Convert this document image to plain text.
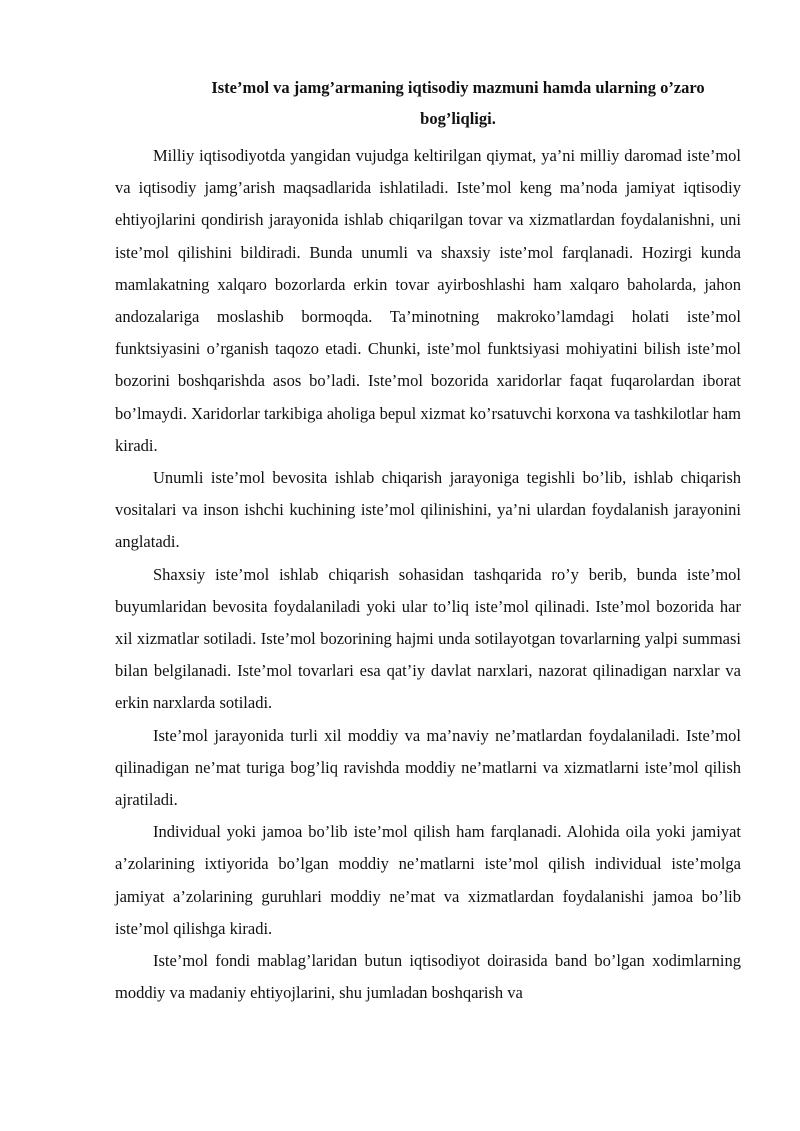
Iste’mol va jamg’armaning iqtisodiy mazmuni hamda ularning o’zaro bog’liqligi.

Milliy iqtisodiyotda yangidan vujudga keltirilgan qiymat, ya’ni milliy daromad iste’mol va iqtisodiy jamg’arish maqsadlarida ishlatiladi. Iste’mol keng ma’noda jamiyat iqtisodiy ehtiyojlarini qondirish jarayonida ishlab chiqarilgan tovar va xizmatlardan foydalanishni, uni iste’mol qilishini bildiradi. Bunda unumli va shaxsiy iste’mol farqlanadi. Hozirgi kunda mamlakatning xalqaro bozorlarda erkin tovar ayirboshlashi ham xalqaro baholarda, jahon andozalariga moslashib bormoqda. Ta’minotning makroko’lamdagi holati iste’mol funktsiyasini o’rganish taqozo etadi. Chunki, iste’mol funktsiyasi mohiyatini bilish iste’mol bozorini boshqarishda asos bo’ladi. Iste’mol bozorida xaridorlar faqat fuqarolardan iborat bo’lmaydi. Xaridorlar tarkibiga aholiga bepul xizmat ko’rsatuvchi korxona va tashkilotlar ham kiradi.

Unumli iste’mol bevosita ishlab chiqarish jarayoniga tegishli bo’lib, ishlab chiqarish vositalari va inson ishchi kuchining iste’mol qilinishini, ya’ni ulardan foydalanish jarayonini anglatadi.

Shaxsiy iste’mol ishlab chiqarish sohasidan tashqarida ro’y berib, bunda iste’mol buyumlaridan bevosita foydalaniladi yoki ular to’liq iste’mol qilinadi. Iste’mol bozorida har xil xizmatlar sotiladi. Iste’mol bozorining hajmi unda sotilayotgan tovarlarning yalpi summasi bilan belgilanadi. Iste’mol tovarlari esa qat’iy davlat narxlari, nazorat qilinadigan narxlar va erkin narxlarda sotiladi.

Iste’mol jarayonida turli xil moddiy va ma’naviy ne’matlardan foydalaniladi. Iste’mol qilinadigan ne’mat turiga bog’liq ravishda moddiy ne’matlarni va xizmatlarni iste’mol qilish ajratiladi.

Individual yoki jamoa bo’lib iste’mol qilish ham farqlanadi. Alohida oila yoki jamiyat a’zolarining ixtiyorida bo’lgan moddiy ne’matlarni iste’mol qilish individual iste’molga jamiyat a’zolarining guruhlari moddiy ne’mat va xizmatlardan foydalanishi jamoa bo’lib iste’mol qilishga kiradi.

Iste’mol fondi mablag’laridan butun iqtisodiyot doirasida band bo’lgan xodimlarning moddiy va madaniy ehtiyojlarini, shu jumladan boshqarish va
